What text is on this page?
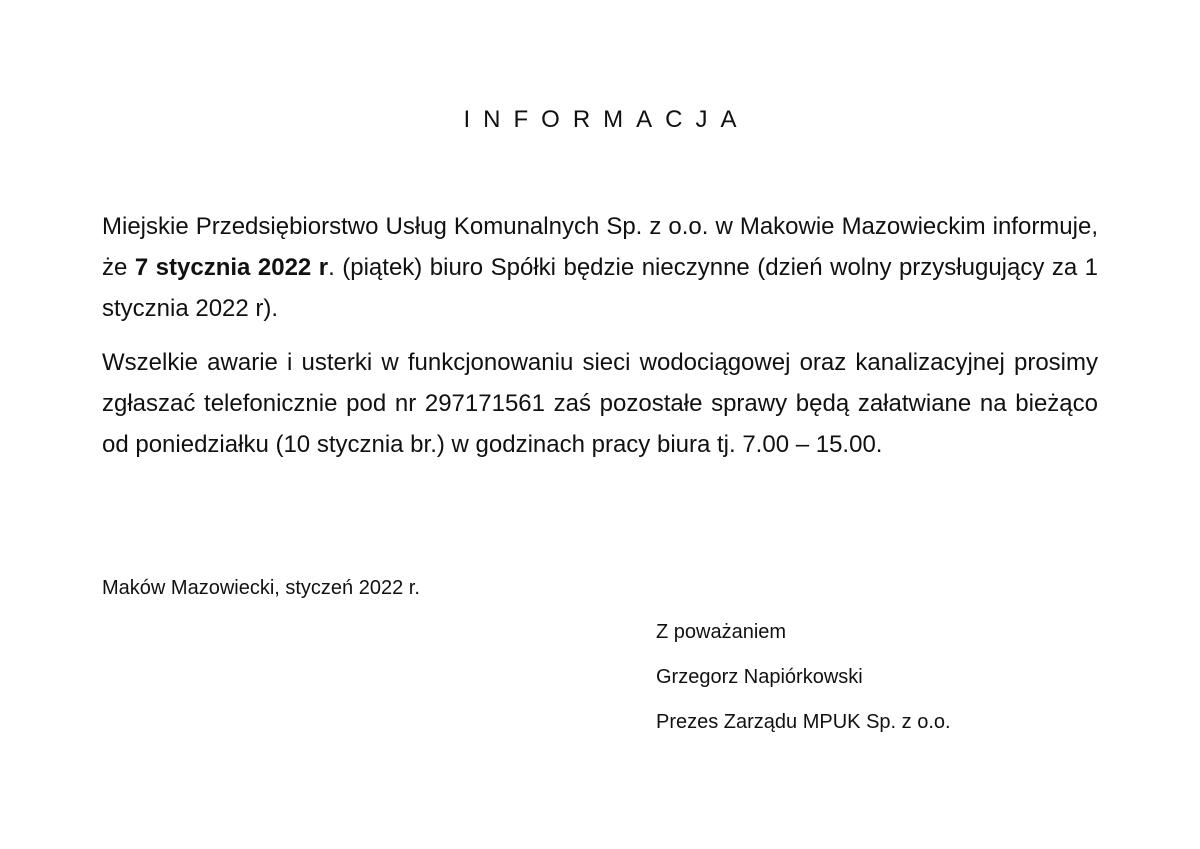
INFORMACJA

Miejskie Przedsiębiorstwo Usług Komunalnych Sp. z o.o. w Makowie Mazowieckim informuje, że 7 stycznia 2022 r. (piątek) biuro Spółki będzie nieczynne (dzień wolny przysługujący za 1 stycznia 2022 r).

Wszelkie awarie i usterki w funkcjonowaniu sieci wodociągowej oraz kanalizacyjnej prosimy zgłaszać telefonicznie pod nr 297171561 zaś pozostałe sprawy będą załatwiane na bieżąco od poniedziałku (10 stycznia br.) w godzinach pracy biura tj. 7.00 – 15.00.

Maków Mazowiecki, styczeń 2022 r.
Z poważaniem
Grzegorz Napiórkowski
Prezes Zarządu MPUK Sp. z o.o.
